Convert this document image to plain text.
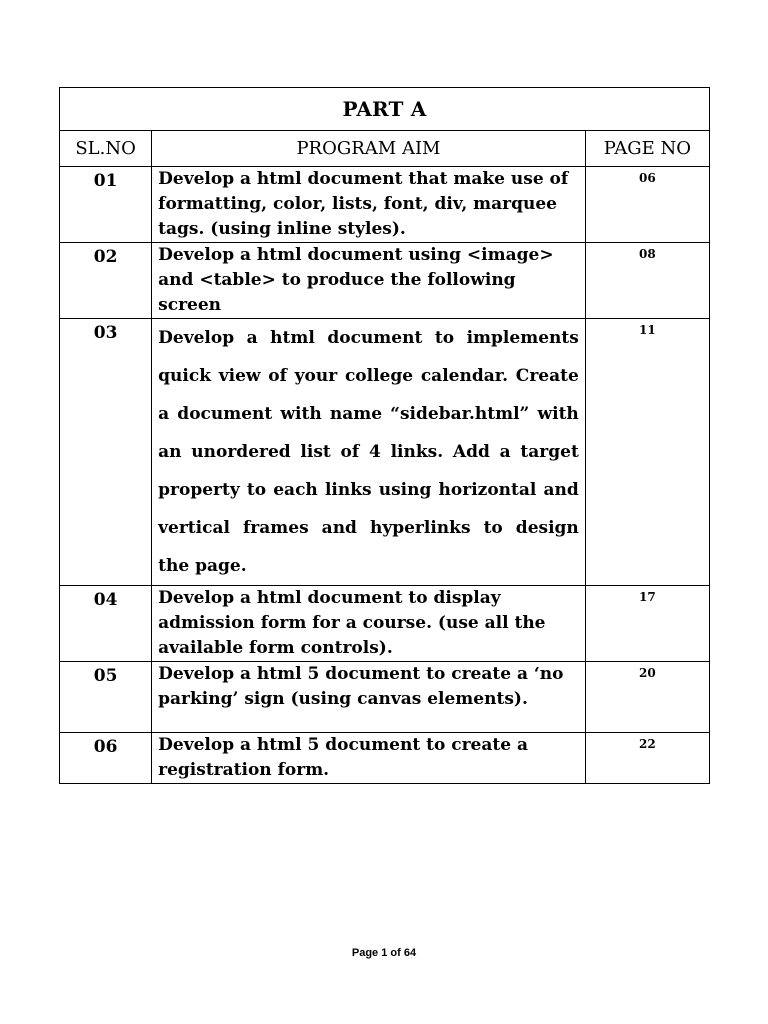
PART A		
SL.NO	PROGRAM AIM	PAGE NO
01	Develop a html document that make use of formatting, color, lists, font, div, marquee tags. (using inline styles).	06
02	Develop a html document using <image> and <table> to produce the following screen	08
03	Develop a html document to implements quick view of your college calendar. Create a document with name “sidebar.html” with an unordered list of 4 links. Add a target property to each links using horizontal and vertical frames and hyperlinks to design the page.	11
04	Develop a html document to display admission form for a course. (use all the available form controls).	17
05	Develop a html 5 document to create a ‘no parking’ sign (using canvas elements).	20
06	Develop a html 5 document to create a registration form.	22
Page 1 of 64
